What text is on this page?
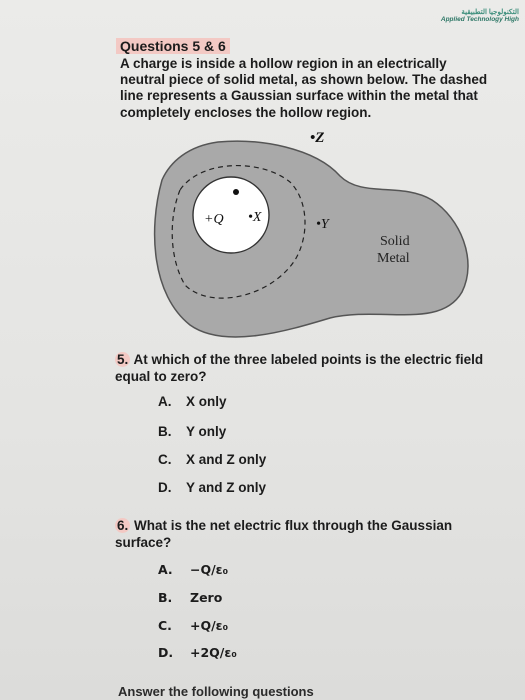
التكنولوجيا التطبيقية
Applied Technology High
Questions 5 & 6

A charge is inside a hollow region in an electrically neutral piece of solid metal, as shown below. The dashed line represents a Gaussian surface within the metal that completely encloses the hollow region.

+Q •X	•Y
•Z
Solid
Metal

5. At which of the three labeled points is the electric field equal to zero?

A. X only
B. Y only
C. X and Z only
D. Y and Z only

6. What is the net electric flux through the Gaussian surface?

A. −Q/ε₀
B. Zero
C. +Q/ε₀
D. +2Q/ε₀

Answer the following questions
